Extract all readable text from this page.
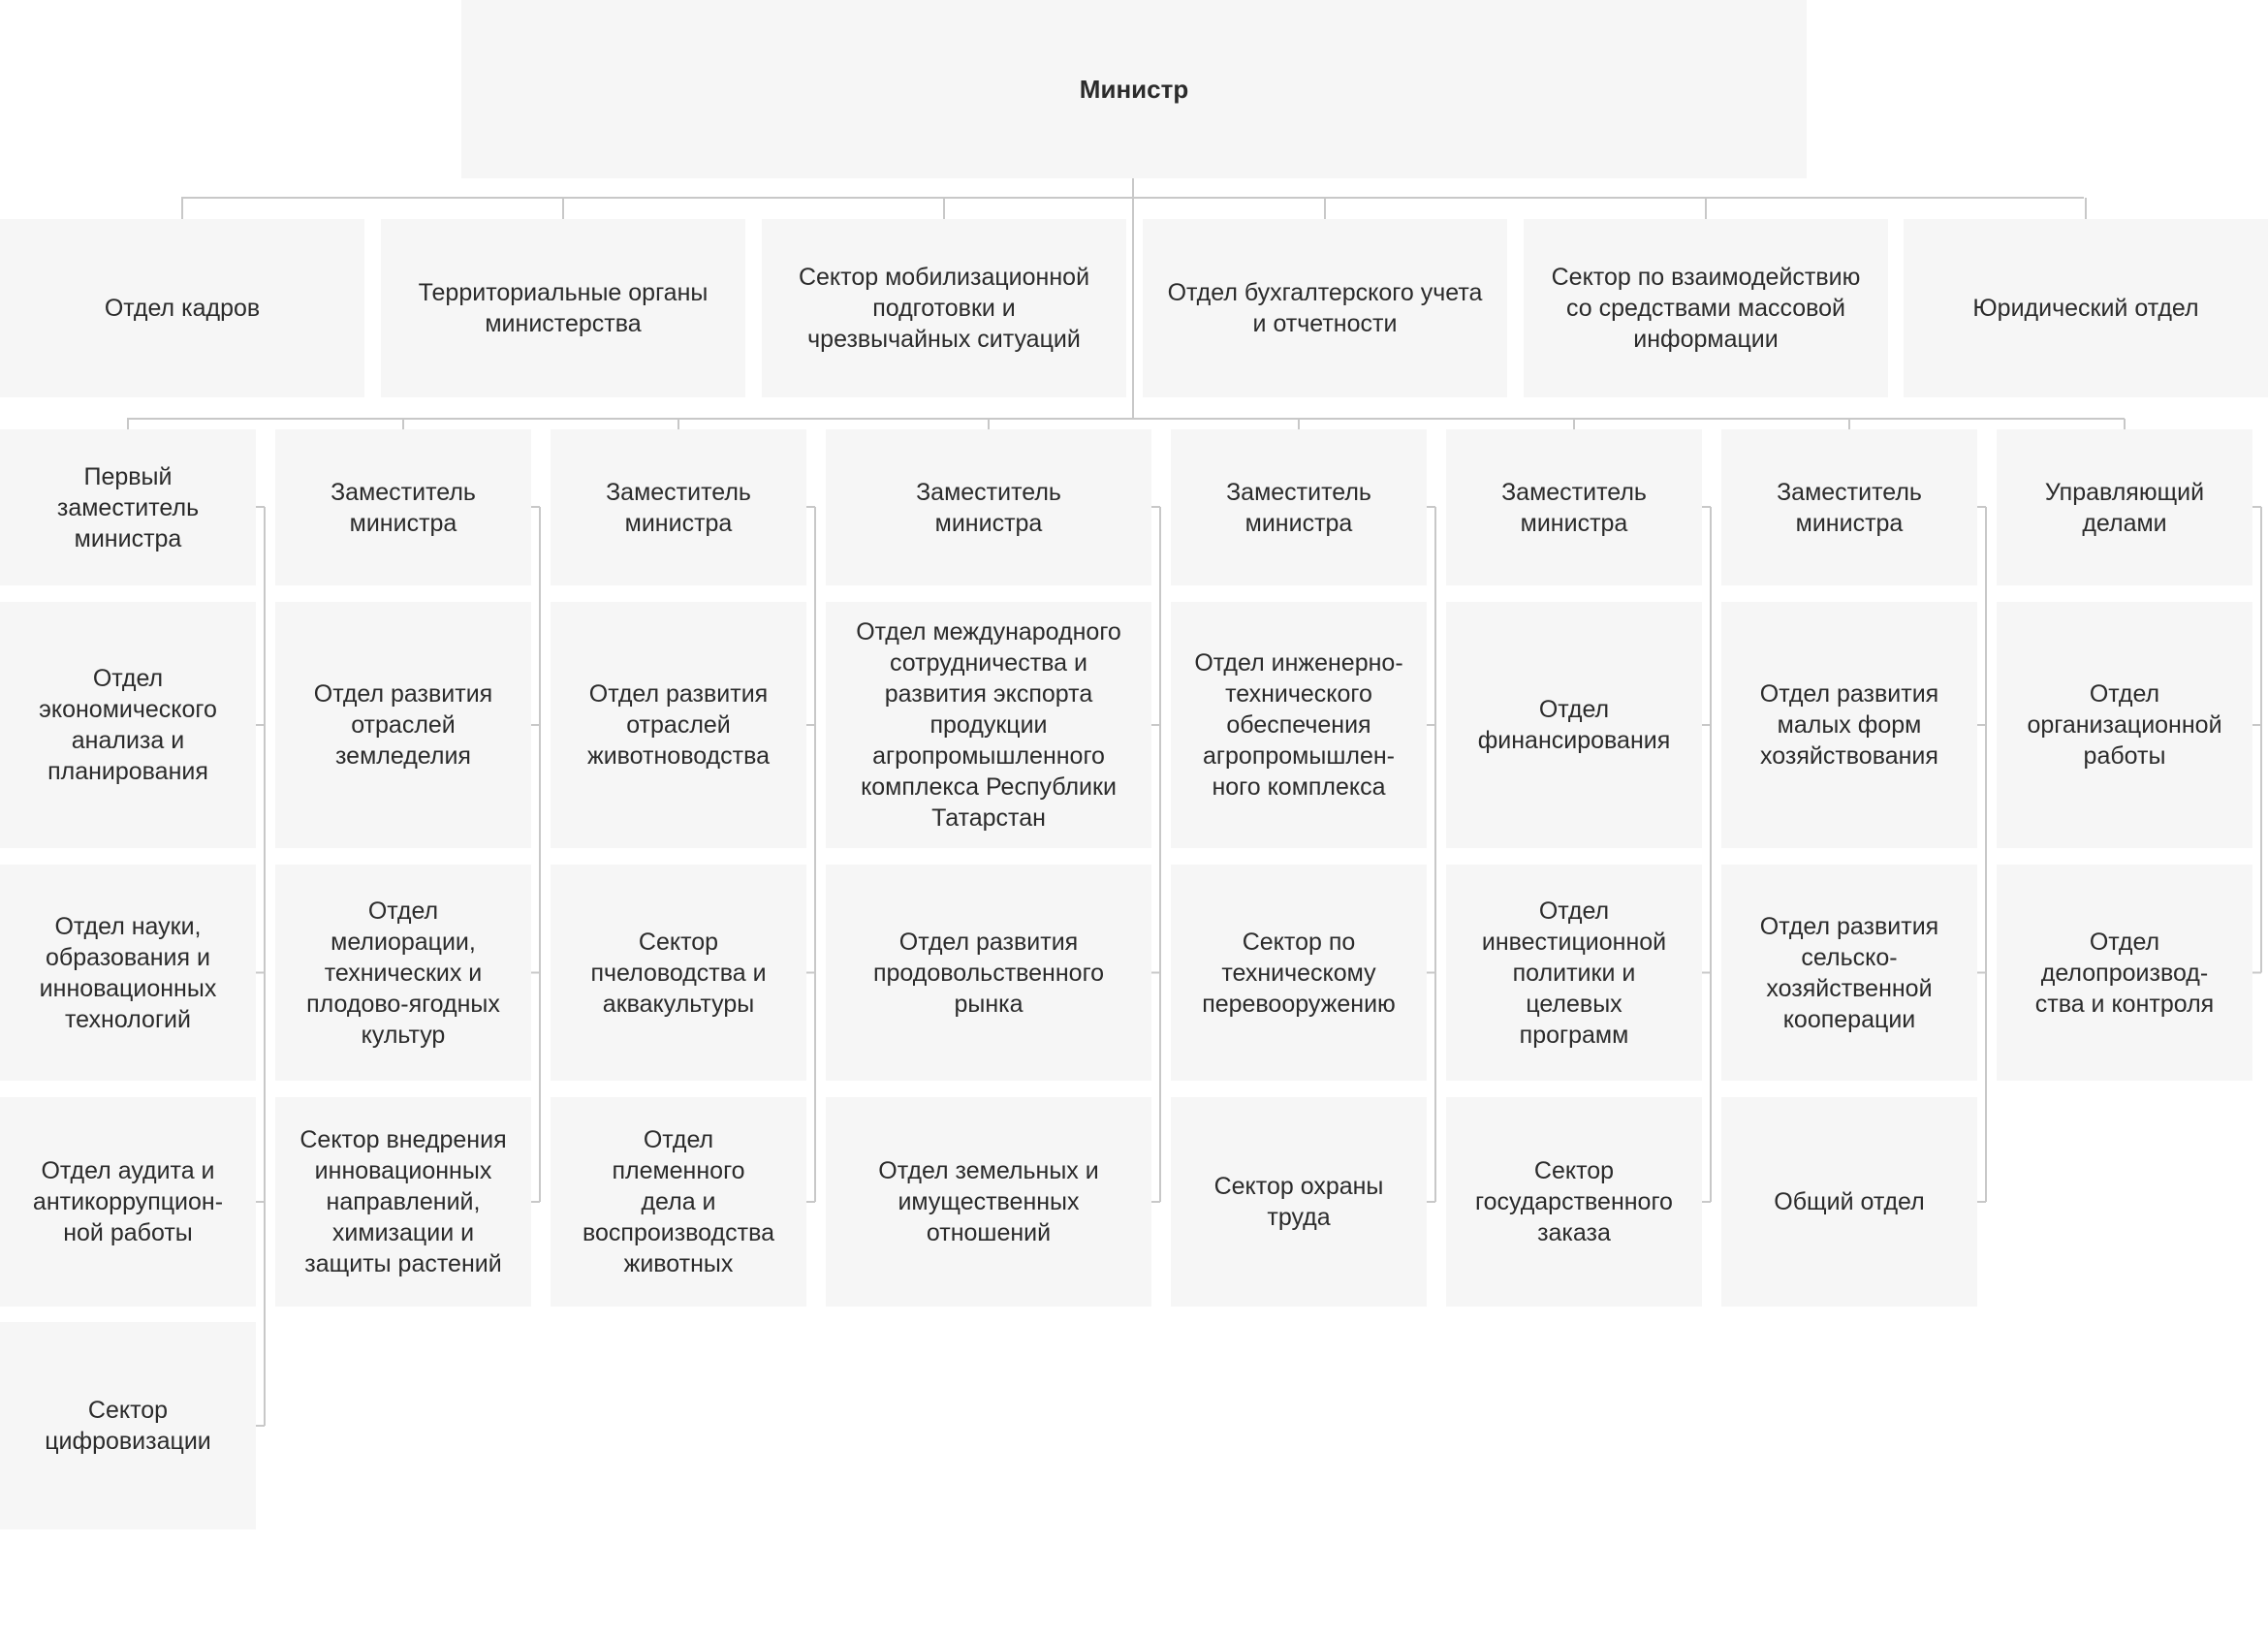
Министр
Отдел кадров
Территориальные органы
министерства
Сектор мобилизационной
подготовки и
чрезвычайных ситуаций
Отдел бухгалтерского учета
и отчетности
Сектор по взаимодействию
со средствами массовой
информации
Юридический отдел
Первый
заместитель
министра
Отдел
экономического
анализа и
планирования
Отдел науки,
образования и
инновационных
технологий
Отдел аудита и
антикоррупцион-
ной работы
Сектор
цифровизации
Заместитель
министра
Отдел развития
отраслей
земледелия
Отдел
мелиорации,
технических и
плодово-ягодных
культур
Сектор внедрения
инновационных
направлений,
химизации и
защиты растений
Заместитель
министра
Отдел развития
отраслей
животноводства
Сектор
пчеловодства и
аквакультуры
Отдел
племенного
дела и
воспроизводства
животных
Заместитель
министра
Отдел международного
сотрудничества и
развития экспорта
продукции
агропромышленного
комплекса Республики
Татарстан
Отдел развития
продовольственного
рынка
Отдел земельных и
имущественных
отношений
Заместитель
министра
Отдел инженерно-
технического
обеспечения
агропромышлен-
ного комплекса
Сектор по
техническому
перевооружению
Сектор охраны
труда
Заместитель
министра
Отдел
финансирования
Отдел
инвестиционной
политики и
целевых
программ
Сектор
государственного
заказа
Заместитель
министра
Отдел развития
малых форм
хозяйствования
Отдел развития
сельско-
хозяйственной
кооперации
Общий отдел
Управляющий
делами
Отдел
организационной
работы
Отдел
делопроизвод-
ства и контроля
